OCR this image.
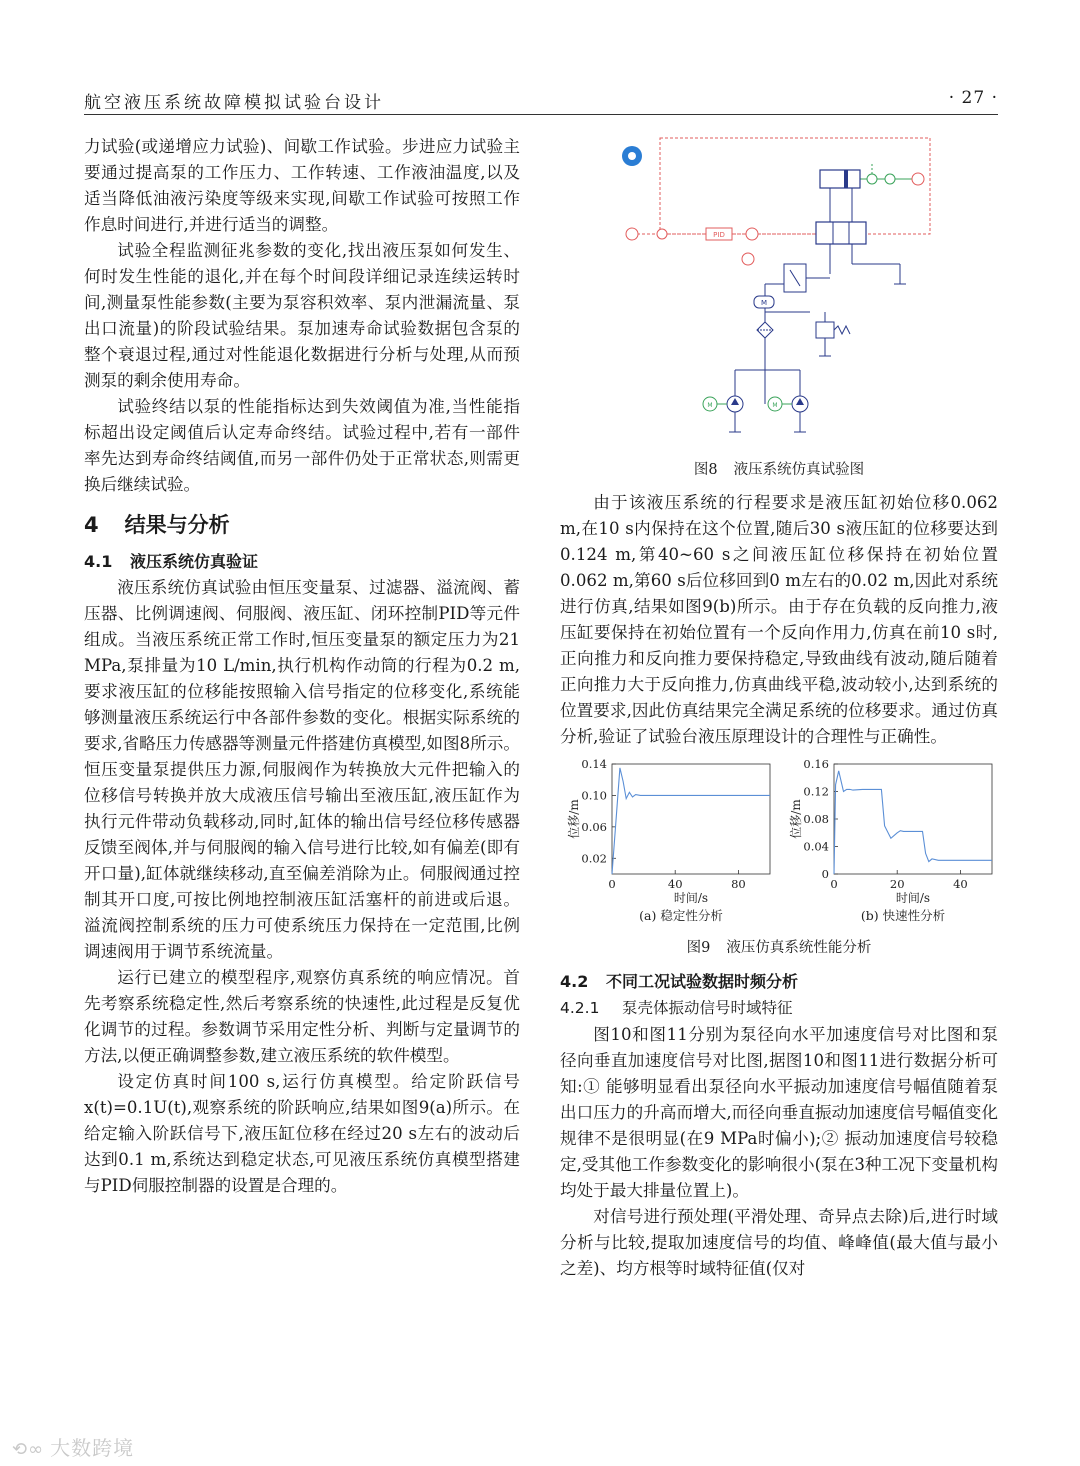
航空液压系统故障模拟试验台设计	· 27 ·

力试验(或递增应力试验)、间歇工作试验。步进应力试验主要通过提高泵的工作压力、工作转速、工作液油温度,以及适当降低油液污染度等级来实现,间歇工作试验可按照工作作息时间进行,并进行适当的调整。

试验全程监测征兆参数的变化,找出液压泵如何发生、何时发生性能的退化,并在每个时间段详细记录连续运转时间,测量泵性能参数(主要为泵容积效率、泵内泄漏流量、泵出口流量)的阶段试验结果。泵加速寿命试验数据包含泵的整个衰退过程,通过对性能退化数据进行分析与处理,从而预测泵的剩余使用寿命。

试验终结以泵的性能指标达到失效阈值为准,当性能指标超出设定阈值后认定寿命终结。试验过程中,若有一部件率先达到寿命终结阈值,而另一部件仍处于正常状态,则需更换后继续试验。

4 结果与分析
4.1 液压系统仿真验证

液压系统仿真试验由恒压变量泵、过滤器、溢流阀、蓄压器、比例调速阀、伺服阀、液压缸、闭环控制PID等元件组成。当液压系统正常工作时,恒压变量泵的额定压力为21 MPa,泵排量为10 L/min,执行机构作动筒的行程为0.2 m,要求液压缸的位移能按照输入信号指定的位移变化,系统能够测量液压系统运行中各部件参数的变化。根据实际系统的要求,省略压力传感器等测量元件搭建仿真模型,如图8所示。恒压变量泵提供压力源,伺服阀作为转换放大元件把输入的位移信号转换并放大成液压信号输出至液压缸,液压缸作为执行元件带动负载移动,同时,缸体的输出信号经位移传感器反馈至阀体,并与伺服阀的输入信号进行比较,如有偏差(即有开口量),缸体就继续移动,直至偏差消除为止。伺服阀通过控制其开口度,可按比例地控制液压缸活塞杆的前进或后退。溢流阀控制系统的压力可使系统压力保持在一定范围,比例调速阀用于调节系统流量。

运行已建立的模型程序,观察仿真系统的响应情况。首先考察系统稳定性,然后考察系统的快速性,此过程是反复优化调节的过程。参数调节采用定性分析、判断与定量调节的方法,以便正确调整参数,建立液压系统的软件模型。

设定仿真时间100 s,运行仿真模型。给定阶跃信号x(t)=0.1U(t),观察系统的阶跃响应,结果如图9(a)所示。在给定输入阶跃信号下,液压缸位移在经过20 s左右的波动后达到0.1 m,系统达到稳定状态,可见液压系统仿真模型搭建与PID伺服控制器的设置是合理的。

PID
M
M	M
图8 液压系统仿真试验图

由于该液压系统的行程要求是液压缸初始位移0.062 m,在10 s内保持在这个位置,随后30 s液压缸的位移要达到0.124 m,第40~60 s之间液压缸位移保持在初始位置0.062 m,第60 s后位移回到0 m左右的0.02 m,因此对系统进行仿真,结果如图9(b)所示。由于存在负载的反向推力,液压缸要保持在初始位置有一个反向作用力,仿真在前10 s时,正向推力和反向推力要保持稳定,导致曲线有波动,随后随着正向推力大于反向推力,仿真曲线平稳,波动较小,达到系统的位置要求,因此仿真结果完全满足系统的位移要求。通过仿真分析,验证了试验台液压原理设计的合理性与正确性。

0.02
0.06
0.10
0.14
0	40	80
时间/s
位移/m
(a) 稳定性分析
0
0.04
0.08
0.12
0.16
0	20	40
时间/s
位移/m
(b) 快速性分析
图9 液压仿真系统性能分析
4.2 不同工况试验数据时频分析
4.2.1 泵壳体振动信号时域特征

图10和图11分别为泵径向水平加速度信号对比图和泵径向垂直加速度信号对比图,据图10和图11进行数据分析可知:① 能够明显看出泵径向水平振动加速度信号幅值随着泵出口压力的升高而增大,而径向垂直振动加速度信号幅值变化规律不是很明显(在9 MPa时偏小);② 振动加速度信号较稳定,受其他工作参数变化的影响很小(泵在3种工况下变量机构均处于最大排量位置上)。

对信号进行预处理(平滑处理、奇异点去除)后,进行时域分析与比较,提取加速度信号的均值、峰峰值(最大值与最小之差)、均方根等时域特征值(仅对

⟲∞ 大数跨境
